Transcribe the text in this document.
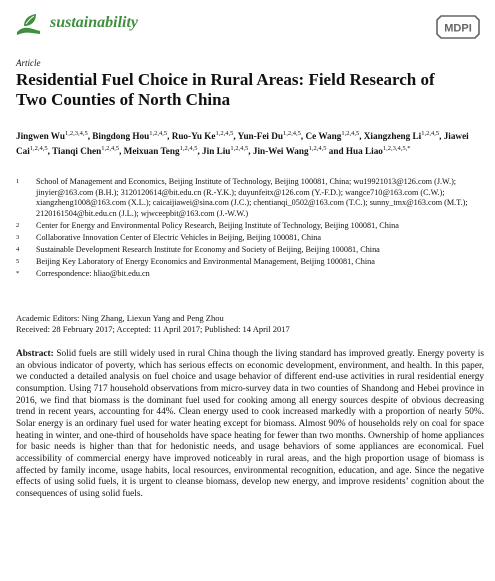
sustainability	MDPI
Article
Residential Fuel Choice in Rural Areas: Field Research of Two Counties of North China
Jingwen Wu$^{1,2,3,4,5}$, Bingdong Hou$^{1,2,4,5}$, Ruo-Yu Ke$^{1,2,4,5}$, Yun-Fei Du$^{1,2,4,5}$, Ce Wang$^{1,2,4,5}$, Xiangzheng Li$^{1,2,4,5}$, Jiawei Cai$^{1,2,4,5}$, Tianqi Chen$^{1,2,4,5}$, Meixuan Teng$^{1,2,4,5}$, Jin Liu$^{1,2,4,5}$, Jin-Wei Wang$^{1,2,4,5}$ and Hua Liao$^{1,2,3,4,5,*}$
1	School of Management and Economics, Beijing Institute of Technology, Beijing 100081, China; wu19921013@126.com (J.W.); jinyier@163.com (B.H.); 3120120614@bit.edu.cn (R.-Y.K.); duyunfeitx@126.com (Y.-F.D.); wangce710@163.com (C.W.); xiangzheng1008@163.com (X.L.); caicaijiawei@sina.com (J.C.); chentianqi_0502@163.com (T.C.); sunny_tmx@163.com (M.T.); 2120161504@bit.edu.cn (J.L.); wjwceepbit@163.com (J.-W.W.)
2	Center for Energy and Environmental Policy Research, Beijing Institute of Technology, Beijing 100081, China
3	Collaborative Innovation Center of Electric Vehicles in Beijing, Beijing 100081, China
4	Sustainable Development Research Institute for Economy and Society of Beijing, Beijing 100081, China
5	Beijing Key Laboratory of Energy Economics and Environmental Management, Beijing 100081, China
*	Correspondence: hliao@bit.edu.cn
Academic Editors: Ning Zhang, Liexun Yang and Peng Zhou
Received: 28 February 2017; Accepted: 11 April 2017; Published: 14 April 2017
Abstract: Solid fuels are still widely used in rural China though the living standard has improved greatly. Energy poverty is an obvious indicator of poverty, which has serious effects on economic development, environment, and health. In this paper, we conducted a detailed analysis on fuel choice and usage behavior of different end-use activities in rural residential energy consumption. Using 717 household observations from micro-survey data in two counties of Shandong and Hebei province in 2016, we find that biomass is the dominant fuel used for cooking among all energy sources despite of obvious decreasing trend in recent years, accounting for 44%. Clean energy used to cook increased markedly with a proportion of nearly 50%. Solar energy is an ordinary fuel used for water heating except for biomass. Almost 90% of households rely on coal for space heating in winter, and one-third of households have space heating for fewer than two months. Ownership of home appliances for basic needs is higher than that for hedonistic needs, and usage behaviors of some appliances are economical. Fuel accessibility of commercial energy have improved noticeably in rural areas, and the high proportion usage of biomass is affected by family income, usage habits, local resources, environmental recognition, education, and age. Since the negative effects of using solid fuels, it is urgent to cleanse biomass, develop new energy, and improve residents’ cognition about the consequences of using solid fuels.
